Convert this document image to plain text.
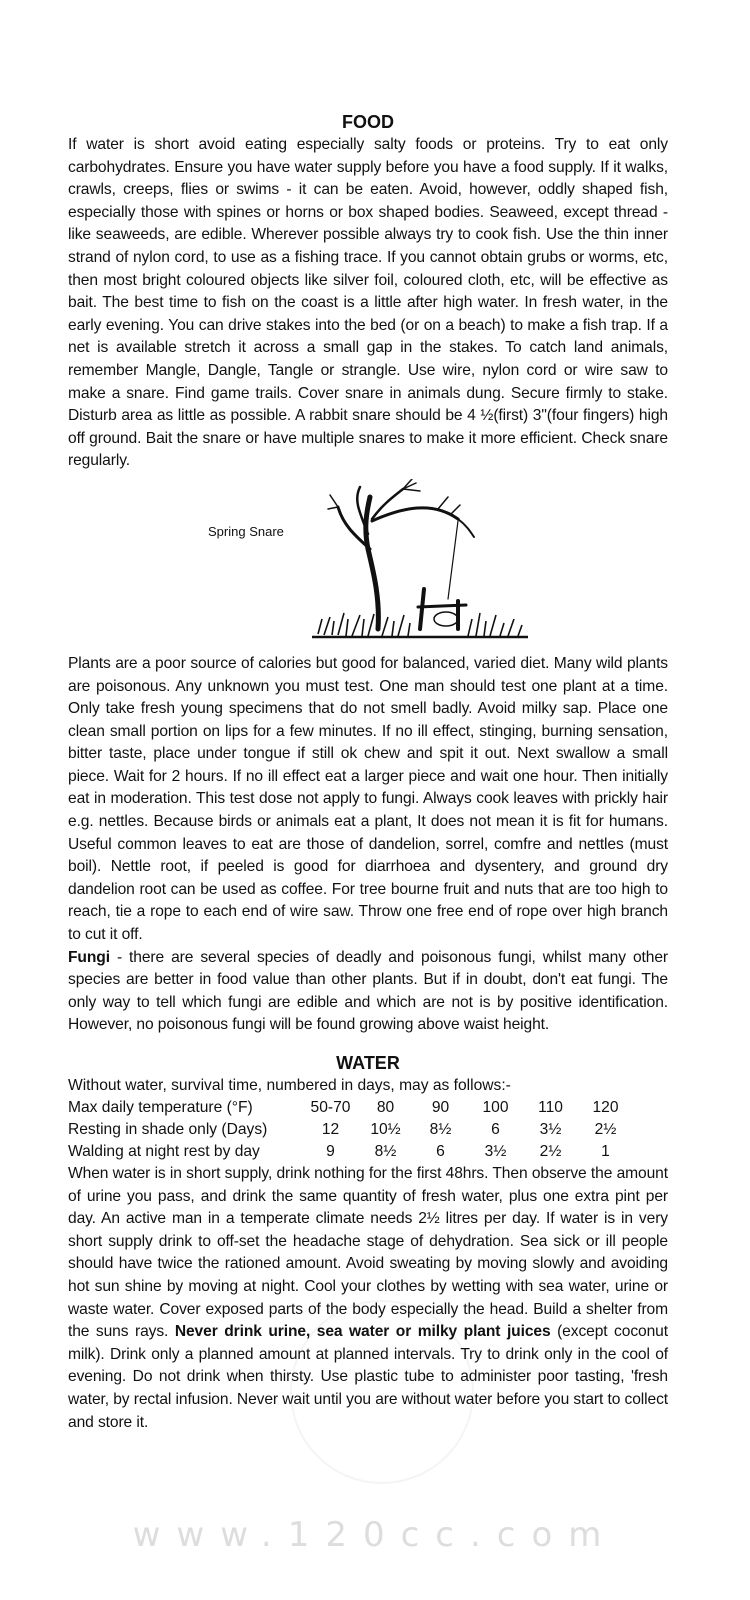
FOOD

If water is short avoid eating especially salty foods or proteins. Try to eat only carbohydrates. Ensure you have water supply before you have a food supply. If it walks, crawls, creeps, flies or swims - it can be eaten. Avoid, however, oddly shaped fish, especially those with spines or horns or box shaped bodies. Seaweed, except thread - like seaweeds, are edible. Wherever possible always try to cook fish. Use the thin inner strand of nylon cord, to use as a fishing trace. If you cannot obtain grubs or worms, etc, then most bright coloured objects like silver foil, coloured cloth, etc, will be effective as bait. The best time to fish on the coast is a little after high water. In fresh water, in the early evening. You can drive stakes into the bed (or on a beach) to make a fish trap. If a net is available stretch it across a small gap in the stakes. To catch land animals, remember Mangle, Dangle, Tangle or strangle. Use wire, nylon cord or wire saw to make a snare. Find game trails. Cover snare in animals dung. Secure firmly to stake. Disturb area as little as possible. A rabbit snare should be 4 ½(first) 3"(four fingers) high off ground. Bait the snare or have multiple snares to make it more efficient. Check snare regularly.

Spring Snare

Plants are a poor source of calories but good for balanced, varied diet. Many wild plants are poisonous. Any unknown you must test. One man should test one plant at a time. Only take fresh young specimens that do not smell badly. Avoid milky sap. Place one clean small portion on lips for a few minutes. If no ill effect, stinging, burning sensation, bitter taste, place under tongue if still ok chew and spit it out. Next swallow a small piece. Wait for 2 hours. If no ill effect eat a larger piece and wait one hour. Then initially eat in moderation. This test dose not apply to fungi. Always cook leaves with prickly hair e.g. nettles. Because birds or animals eat a plant, It does not mean it is fit for humans. Useful common leaves to eat are those of dandelion, sorrel, comfre and nettles (must boil). Nettle root, if peeled is good for diarrhoea and dysentery, and ground dry dandelion root can be used as coffee. For tree bourne fruit and nuts that are too high to reach, tie a rope to each end of wire saw. Throw one free end of rope over high branch to cut it off.

Fungi - there are several species of deadly and poisonous fungi, whilst many other species are better in food value than other plants. But if in doubt, don't eat fungi. The only way to tell which fungi are edible and which are not is by positive identification. However, no poisonous fungi will be found growing above waist height.

WATER
Without water, survival time, numbered in days, may as follows:-
Max daily temperature (°F)	50-70	80	90	100	110	120
Resting in shade only (Days)	12	10½	8½	6	3½	2½
Walding at night rest by day	9	8½	6	3½	2½	1

When water is in short supply, drink nothing for the first 48hrs. Then observe the amount of urine you pass, and drink the same quantity of fresh water, plus one extra pint per day. An active man in a temperate climate needs 2½ litres per day. If water is in very short supply drink to off-set the headache stage of dehydration. Sea sick or ill people should have twice the rationed amount. Avoid sweating by moving slowly and avoiding hot sun shine by moving at night. Cool your clothes by wetting with sea water, urine or waste water. Cover exposed parts of the body especially the head. Build a shelter from the suns rays. Never drink urine, sea water or milky plant juices (except coconut milk). Drink only a planned amount at planned intervals. Try to drink only in the cool of evening. Do not drink when thirsty. Use plastic tube to administer poor tasting, 'fresh water, by rectal infusion. Never wait until you are without water before you start to collect and store it.

www.120cc.com
